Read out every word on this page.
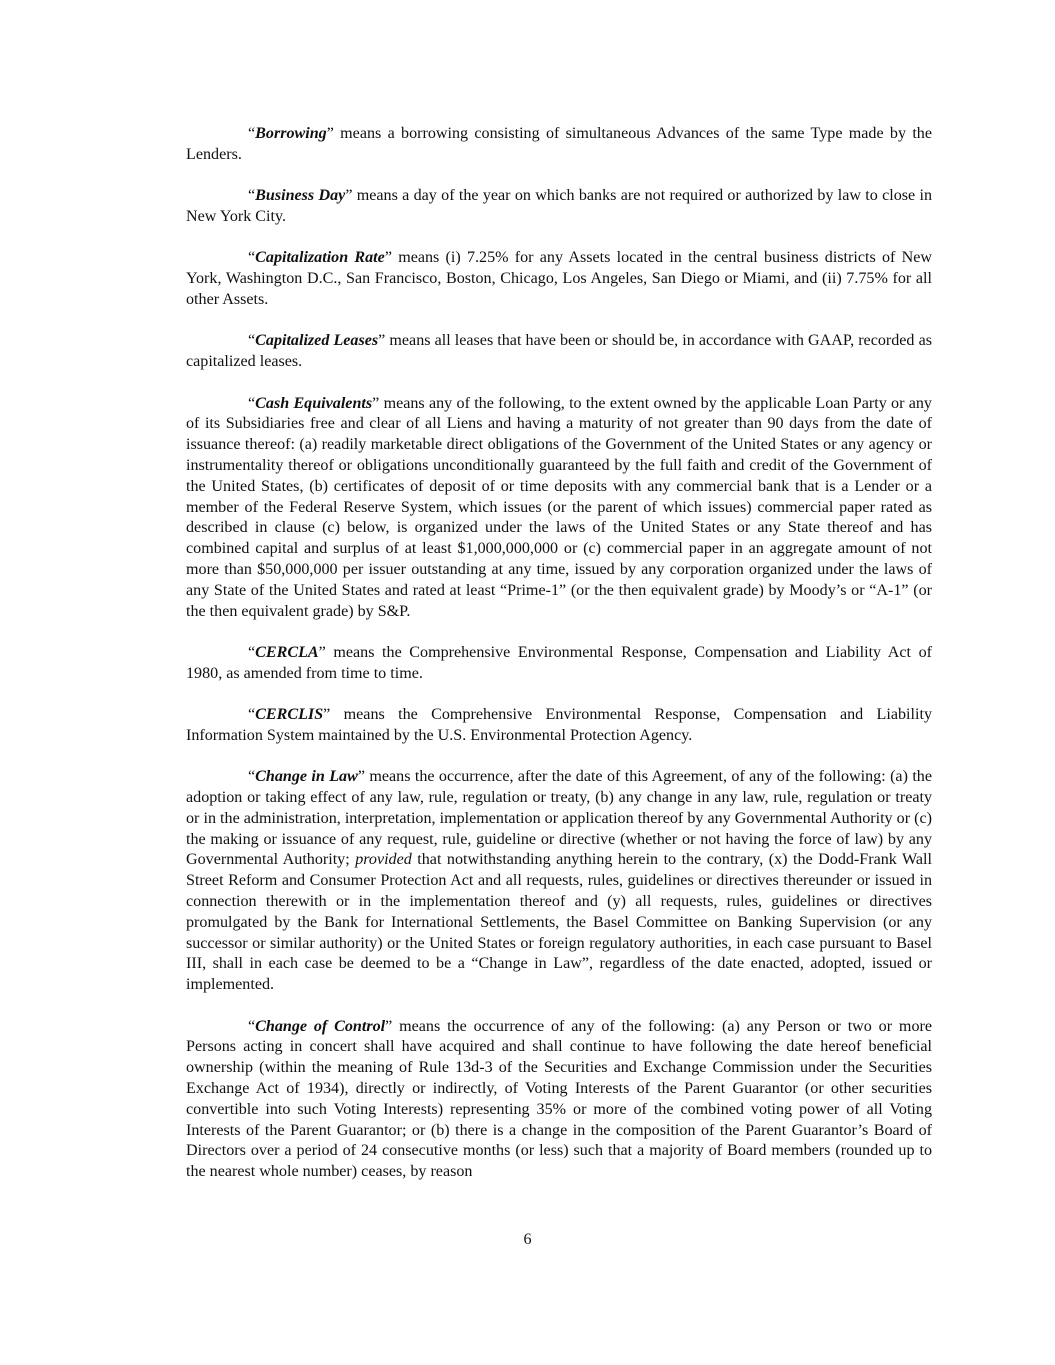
“Borrowing” means a borrowing consisting of simultaneous Advances of the same Type made by the Lenders.

“Business Day” means a day of the year on which banks are not required or authorized by law to close in New York City.

“Capitalization Rate” means (i) 7.25% for any Assets located in the central business districts of New York, Washington D.C., San Francisco, Boston, Chicago, Los Angeles, San Diego or Miami, and (ii) 7.75% for all other Assets.

“Capitalized Leases” means all leases that have been or should be, in accordance with GAAP, recorded as capitalized leases.

“Cash Equivalents” means any of the following, to the extent owned by the applicable Loan Party or any of its Subsidiaries free and clear of all Liens and having a maturity of not greater than 90 days from the date of issuance thereof: (a) readily marketable direct obligations of the Government of the United States or any agency or instrumentality thereof or obligations unconditionally guaranteed by the full faith and credit of the Government of the United States, (b) certificates of deposit of or time deposits with any commercial bank that is a Lender or a member of the Federal Reserve System, which issues (or the parent of which issues) commercial paper rated as described in clause (c) below, is organized under the laws of the United States or any State thereof and has combined capital and surplus of at least $1,000,000,000 or (c) commercial paper in an aggregate amount of not more than $50,000,000 per issuer outstanding at any time, issued by any corporation organized under the laws of any State of the United States and rated at least “Prime-1” (or the then equivalent grade) by Moody’s or “A-1” (or the then equivalent grade) by S&P.

“CERCLA” means the Comprehensive Environmental Response, Compensation and Liability Act of 1980, as amended from time to time.

“CERCLIS” means the Comprehensive Environmental Response, Compensation and Liability Information System maintained by the U.S. Environmental Protection Agency.

“Change in Law” means the occurrence, after the date of this Agreement, of any of the following: (a) the adoption or taking effect of any law, rule, regulation or treaty, (b) any change in any law, rule, regulation or treaty or in the administration, interpretation, implementation or application thereof by any Governmental Authority or (c) the making or issuance of any request, rule, guideline or directive (whether or not having the force of law) by any Governmental Authority; provided that notwithstanding anything herein to the contrary, (x) the Dodd-Frank Wall Street Reform and Consumer Protection Act and all requests, rules, guidelines or directives thereunder or issued in connection therewith or in the implementation thereof and (y) all requests, rules, guidelines or directives promulgated by the Bank for International Settlements, the Basel Committee on Banking Supervision (or any successor or similar authority) or the United States or foreign regulatory authorities, in each case pursuant to Basel III, shall in each case be deemed to be a “Change in Law”, regardless of the date enacted, adopted, issued or implemented.

“Change of Control” means the occurrence of any of the following: (a) any Person or two or more Persons acting in concert shall have acquired and shall continue to have following the date hereof beneficial ownership (within the meaning of Rule 13d-3 of the Securities and Exchange Commission under the Securities Exchange Act of 1934), directly or indirectly, of Voting Interests of the Parent Guarantor (or other securities convertible into such Voting Interests) representing 35% or more of the combined voting power of all Voting Interests of the Parent Guarantor; or (b) there is a change in the composition of the Parent Guarantor’s Board of Directors over a period of 24 consecutive months (or less) such that a majority of Board members (rounded up to the nearest whole number) ceases, by reason

6
